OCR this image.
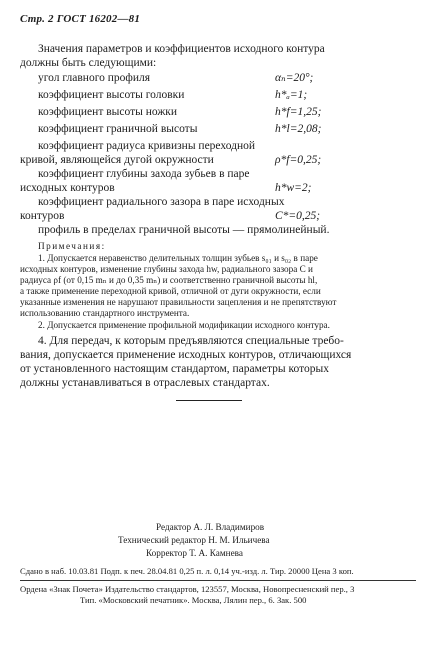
Стр. 2 ГОСТ 16202—81
Значения параметров и коэффициентов исходного контура
должны быть следующими:
угол главного профиля	αₙ=20°;
коэффициент высоты головки	h*ₐ=1;
коэффициент высоты ножки	h*f=1,25;
коэффициент граничной высоты	h*l=2,08;
коэффициент радиуса кривизны переходной
кривой, являющейся дугой окружности	ρ*f=0,25;
коэффициент глубины захода зубьев в паре
исходных контуров	h*w=2;
коэффициент радиального зазора в паре исходных
контуров	C*=0,25;
профиль в пределах граничной высоты — прямолинейный.
Примечания:
1. Допускается неравенство делительных толщин зубьев s₀₁ и s₀₂ в паре
исходных контуров, изменение глубины захода hw, радиального зазора C и
радиуса ρf (от 0,15 mₙ и до 0,35 mₙ) и соответственно граничной высоты hl,
а также применение переходной кривой, отличной от дуги окружности, если
указанные изменения не нарушают правильности зацепления и не препятствуют
использованию стандартного инструмента.
2. Допускается применение профильной модификации исходного контура.
4. Для передач, к которым предъявляются специальные требо-
вания, допускается применение исходных контуров, отличающихся
от установленного настоящим стандартом, параметры которых
должны устанавливаться в отраслевых стандартах.
Редактор А. Л. Владимиров
Технический редактор Н. М. Ильичева
Корректор Т. А. Камнева
Сдано в наб. 10.03.81 Подп. к печ. 28.04.81 0,25 п. л. 0,14 уч.-изд. л. Тир. 20000 Цена 3 коп.
Ордена «Знак Почета» Издательство стандартов, 123557, Москва, Новопресненский пер., 3
Тип. «Московский печатник». Москва, Лялин пер., 6. Зак. 500
